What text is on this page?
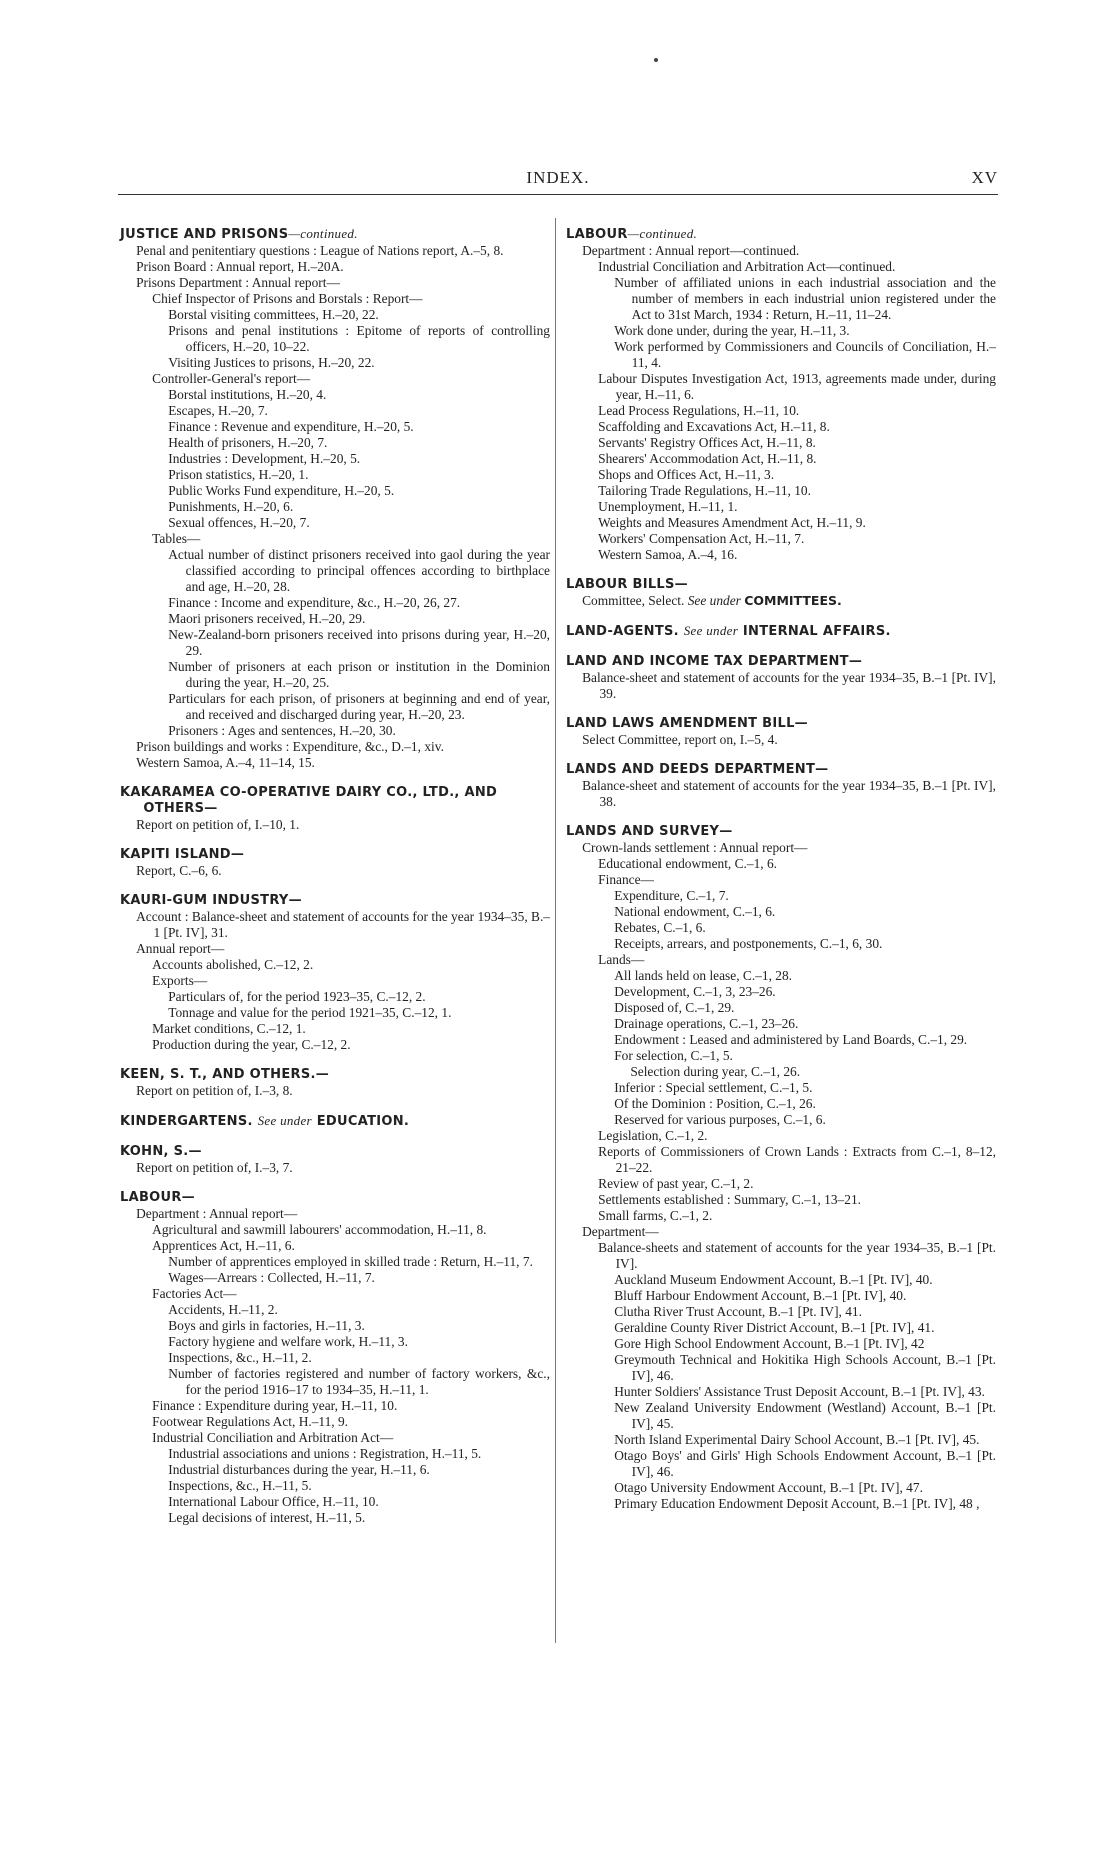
INDEX.	XV
JUSTICE AND PRISONS—continued.
Penal and penitentiary questions : League of Nations report, A.–5, 8.
Prison Board : Annual report, H.–20A.
Prisons Department : Annual report—
Chief Inspector of Prisons and Borstals : Report—
Borstal visiting committees, H.–20, 22.
Prisons and penal institutions : Epitome of reports of controlling officers, H.–20, 10–22.
Visiting Justices to prisons, H.–20, 22.
Controller-General's report—
Borstal institutions, H.–20, 4.
Escapes, H.–20, 7.
Finance : Revenue and expenditure, H.–20, 5.
Health of prisoners, H.–20, 7.
Industries : Development, H.–20, 5.
Prison statistics, H.–20, 1.
Public Works Fund expenditure, H.–20, 5.
Punishments, H.–20, 6.
Sexual offences, H.–20, 7.
Tables—
Actual number of distinct prisoners received into gaol during the year classified according to principal offences according to birthplace and age, H.–20, 28.
Finance : Income and expenditure, &c., H.–20, 26, 27.
Maori prisoners received, H.–20, 29.
New-Zealand-born prisoners received into prisons during year, H.–20, 29.
Number of prisoners at each prison or institution in the Dominion during the year, H.–20, 25.
Particulars for each prison, of prisoners at beginning and end of year, and received and discharged during year, H.–20, 23.
Prisoners : Ages and sentences, H.–20, 30.
Prison buildings and works : Expenditure, &c., D.–1, xiv.
Western Samoa, A.–4, 11–14, 15.
KAKARAMEA CO-OPERATIVE DAIRY CO., LTD., AND OTHERS—
Report on petition of, I.–10, 1.
KAPITI ISLAND—
Report, C.–6, 6.
KAURI-GUM INDUSTRY—
Account : Balance-sheet and statement of accounts for the year 1934–35, B.–1 [Pt. IV], 31.
Annual report—
Accounts abolished, C.–12, 2.
Exports—
Particulars of, for the period 1923–35, C.–12, 2.
Tonnage and value for the period 1921–35, C.–12, 1.
Market conditions, C.–12, 1.
Production during the year, C.–12, 2.
KEEN, S. T., AND OTHERS.—
Report on petition of, I.–3, 8.
KINDERGARTENS. See under EDUCATION.
KOHN, S.—
Report on petition of, I.–3, 7.
LABOUR—
Department : Annual report—
Agricultural and sawmill labourers' accommodation, H.–11, 8.
Apprentices Act, H.–11, 6.
Number of apprentices employed in skilled trade : Return, H.–11, 7.
Wages—Arrears : Collected, H.–11, 7.
Factories Act—
Accidents, H.–11, 2.
Boys and girls in factories, H.–11, 3.
Factory hygiene and welfare work, H.–11, 3.
Inspections, &c., H.–11, 2.
Number of factories registered and number of factory workers, &c., for the period 1916–17 to 1934–35, H.–11, 1.
Finance : Expenditure during year, H.–11, 10.
Footwear Regulations Act, H.–11, 9.
Industrial Conciliation and Arbitration Act—
Industrial associations and unions : Registration, H.–11, 5.
Industrial disturbances during the year, H.–11, 6.
Inspections, &c., H.–11, 5.
International Labour Office, H.–11, 10.
Legal decisions of interest, H.–11, 5.
LABOUR—continued.
Department : Annual report—continued.
Industrial Conciliation and Arbitration Act—continued.
Number of affiliated unions in each industrial association and the number of members in each industrial union registered under the Act to 31st March, 1934 : Return, H.–11, 11–24.
Work done under, during the year, H.–11, 3.
Work performed by Commissioners and Councils of Conciliation, H.–11, 4.
Labour Disputes Investigation Act, 1913, agreements made under, during year, H.–11, 6.
Lead Process Regulations, H.–11, 10.
Scaffolding and Excavations Act, H.–11, 8.
Servants' Registry Offices Act, H.–11, 8.
Shearers' Accommodation Act, H.–11, 8.
Shops and Offices Act, H.–11, 3.
Tailoring Trade Regulations, H.–11, 10.
Unemployment, H.–11, 1.
Weights and Measures Amendment Act, H.–11, 9.
Workers' Compensation Act, H.–11, 7.
Western Samoa, A.–4, 16.
LABOUR BILLS—
Committee, Select. See under COMMITTEES.
LAND-AGENTS. See under INTERNAL AFFAIRS.
LAND AND INCOME TAX DEPARTMENT—
Balance-sheet and statement of accounts for the year 1934–35, B.–1 [Pt. IV], 39.
LAND LAWS AMENDMENT BILL—
Select Committee, report on, I.–5, 4.
LANDS AND DEEDS DEPARTMENT—
Balance-sheet and statement of accounts for the year 1934–35, B.–1 [Pt. IV], 38.
LANDS AND SURVEY—
Crown-lands settlement : Annual report—
Educational endowment, C.–1, 6.
Finance—
Expenditure, C.–1, 7.
National endowment, C.–1, 6.
Rebates, C.–1, 6.
Receipts, arrears, and postponements, C.–1, 6, 30.
Lands—
All lands held on lease, C.–1, 28.
Development, C.–1, 3, 23–26.
Disposed of, C.–1, 29.
Drainage operations, C.–1, 23–26.
Endowment : Leased and administered by Land Boards, C.–1, 29.
For selection, C.–1, 5.
Selection during year, C.–1, 26.
Inferior : Special settlement, C.–1, 5.
Of the Dominion : Position, C.–1, 26.
Reserved for various purposes, C.–1, 6.
Legislation, C.–1, 2.
Reports of Commissioners of Crown Lands : Extracts from C.–1, 8–12, 21–22.
Review of past year, C.–1, 2.
Settlements established : Summary, C.–1, 13–21.
Small farms, C.–1, 2.
Department—
Balance-sheets and statement of accounts for the year 1934–35, B.–1 [Pt. IV].
Auckland Museum Endowment Account, B.–1 [Pt. IV], 40.
Bluff Harbour Endowment Account, B.–1 [Pt. IV], 40.
Clutha River Trust Account, B.–1 [Pt. IV], 41.
Geraldine County River District Account, B.–1 [Pt. IV], 41.
Gore High School Endowment Account, B.–1 [Pt. IV], 42
Greymouth Technical and Hokitika High Schools Account, B.–1 [Pt. IV], 46.
Hunter Soldiers' Assistance Trust Deposit Account, B.–1 [Pt. IV], 43.
New Zealand University Endowment (Westland) Account, B.–1 [Pt. IV], 45.
North Island Experimental Dairy School Account, B.–1 [Pt. IV], 45.
Otago Boys' and Girls' High Schools Endowment Account, B.–1 [Pt. IV], 46.
Otago University Endowment Account, B.–1 [Pt. IV], 47.
Primary Education Endowment Deposit Account, B.–1 [Pt. IV], 48 ,
